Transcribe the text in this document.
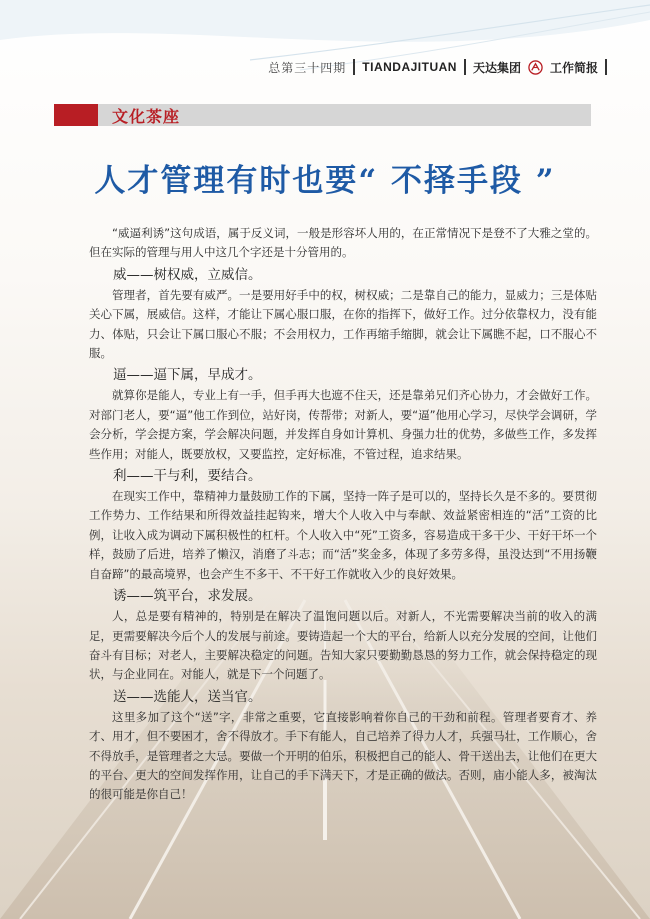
总第三十四期 TIANDAJITUAN 天达集团 工作简报
文化茶座
人才管理有时也要“ 不择手段 ”

“威逼利诱”这句成语，属于反义词，一般是形容坏人用的，在正常情况下是登不了大雅之堂的。但在实际的管理与用人中这几个字还是十分管用的。

威——树权威，立威信。

管理者，首先要有威严。一是要用好手中的权，树权威；二是靠自己的能力，显威力；三是体贴关心下属，展威信。这样，才能让下属心服口服，在你的指挥下，做好工作。过分依靠权力，没有能力、体贴，只会让下属口服心不服；不会用权力，工作再缩手缩脚，就会让下属瞧不起，口不服心不服。

逼——逼下属，早成才。

就算你是能人，专业上有一手，但手再大也遮不住天，还是靠弟兄们齐心协力，才会做好工作。对部门老人，要“逼”他工作到位，站好岗，传帮带；对新人，要“逼”他用心学习，尽快学会调研，学会分析，学会提方案，学会解决问题，并发挥自身如计算机、身强力壮的优势，多做些工作，多发挥些作用；对能人，既要放权，又要监控，定好标准，不管过程，追求结果。

利——干与利，要结合。

在现实工作中，靠精神力量鼓励工作的下属，坚持一阵子是可以的，坚持长久是不多的。要贯彻工作势力、工作结果和所得效益挂起钩来，增大个人收入中与奉献、效益紧密相连的“活”工资的比例，让收入成为调动下属积极性的杠杆。个人收入中“死”工资多，容易造成干多干少、干好干坏一个样，鼓励了后进，培养了懒汉，消磨了斗志；而“活”奖金多，体现了多劳多得，虽没达到“不用扬鞭自奋蹄”的最高境界，也会产生不多干、不干好工作就收入少的良好效果。

诱——筑平台，求发展。

人，总是要有精神的，特别是在解决了温饱问题以后。对新人，不光需要解决当前的收入的满足，更需要解决今后个人的发展与前途。要铸造起一个大的平台，给新人以充分发展的空间，让他们奋斗有目标；对老人，主要解决稳定的问题。告知大家只要勤勤恳恳的努力工作，就会保持稳定的现状，与企业同在。对能人，就是下一个问题了。

送——选能人，送当官。

这里多加了这个“送”字，非常之重要，它直接影响着你自己的干劲和前程。管理者要育才、养才、用才，但不要困才，舍不得放才。手下有能人，自己培养了得力人才，兵强马壮，工作顺心，舍不得放手，是管理者之大忌。要做一个开明的伯乐，积极把自己的能人、骨干送出去，让他们在更大的平台、更大的空间发挥作用，让自己的手下满天下，才是正确的做法。否则，庙小能人多，被淘汰的很可能是你自己！
